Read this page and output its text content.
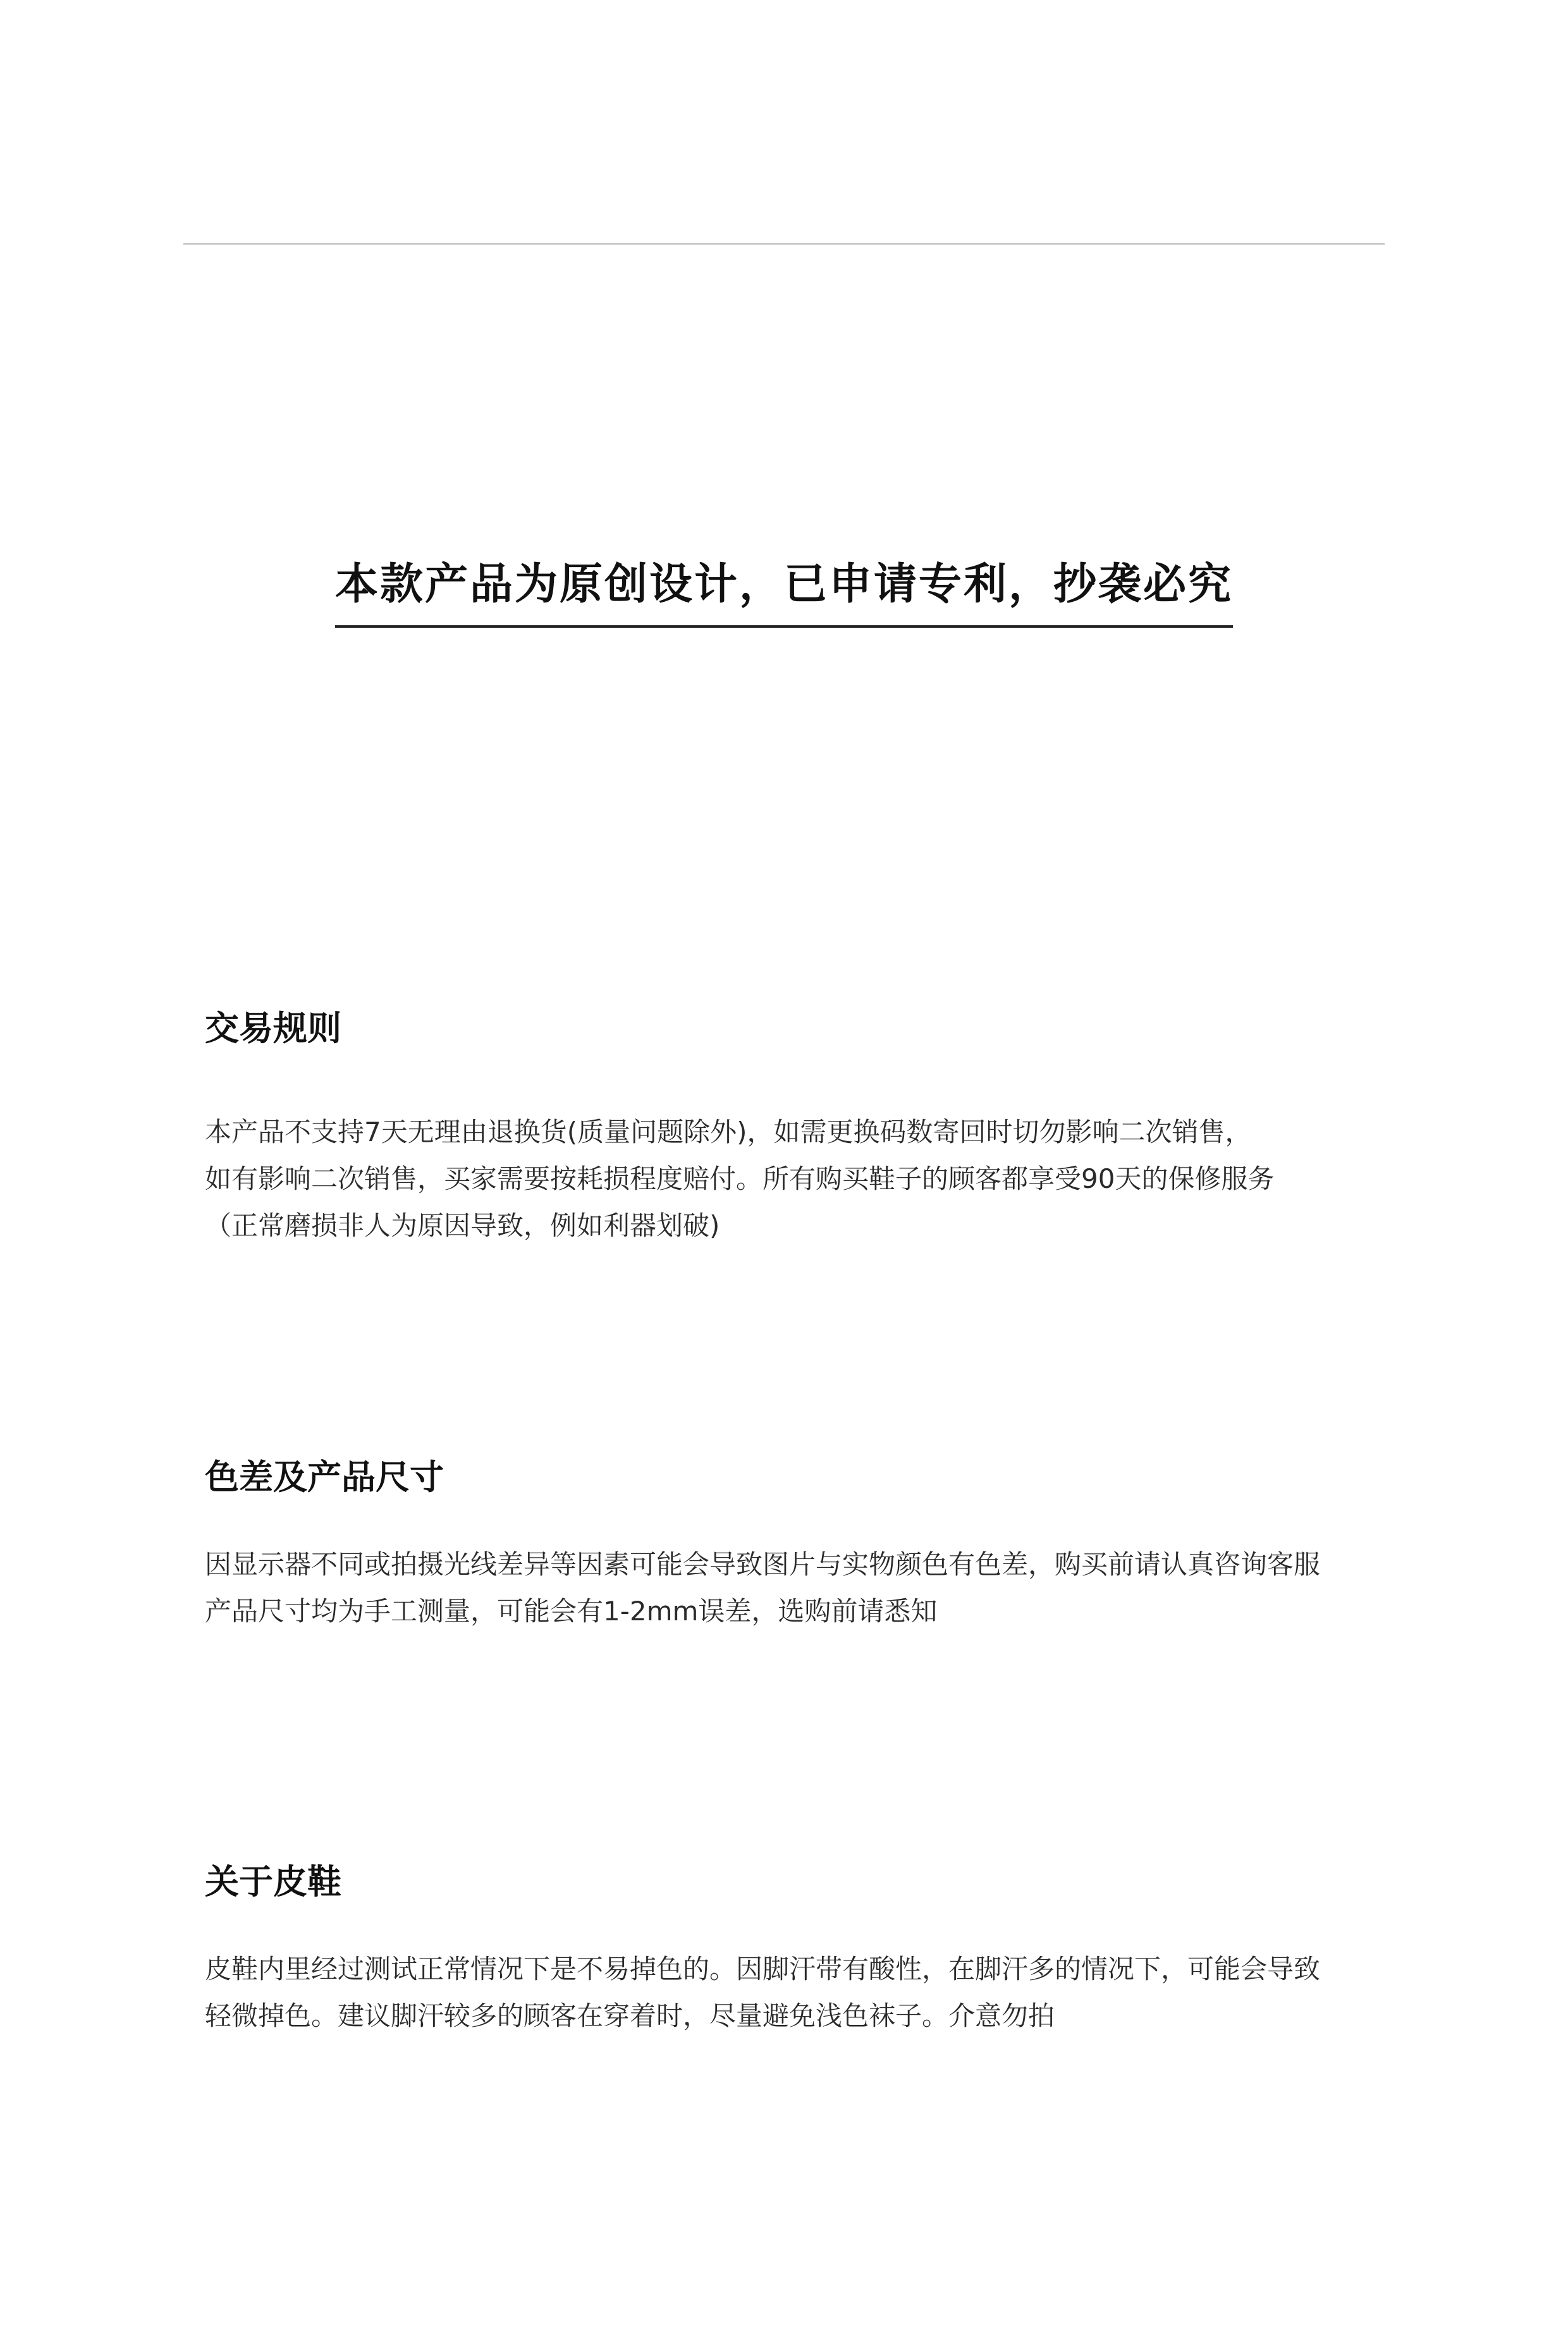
本款产品为原创设计，已申请专利，抄袭必究
交易规则
本产品不支持7天无理由退换货(质量问题除外)，如需更换码数寄回时切勿影响二次销售，
如有影响二次销售，买家需要按耗损程度赔付。所有购买鞋子的顾客都享受90天的保修服务
（正常磨损非人为原因导致，例如利器划破)
色差及产品尺寸
因显示器不同或拍摄光线差异等因素可能会导致图片与实物颜色有色差，购买前请认真咨询客服
产品尺寸均为手工测量，可能会有1-2mm误差，选购前请悉知
关于皮鞋
皮鞋内里经过测试正常情况下是不易掉色的。因脚汗带有酸性，在脚汗多的情况下，可能会导致
轻微掉色。建议脚汗较多的顾客在穿着时，尽量避免浅色袜子。介意勿拍
